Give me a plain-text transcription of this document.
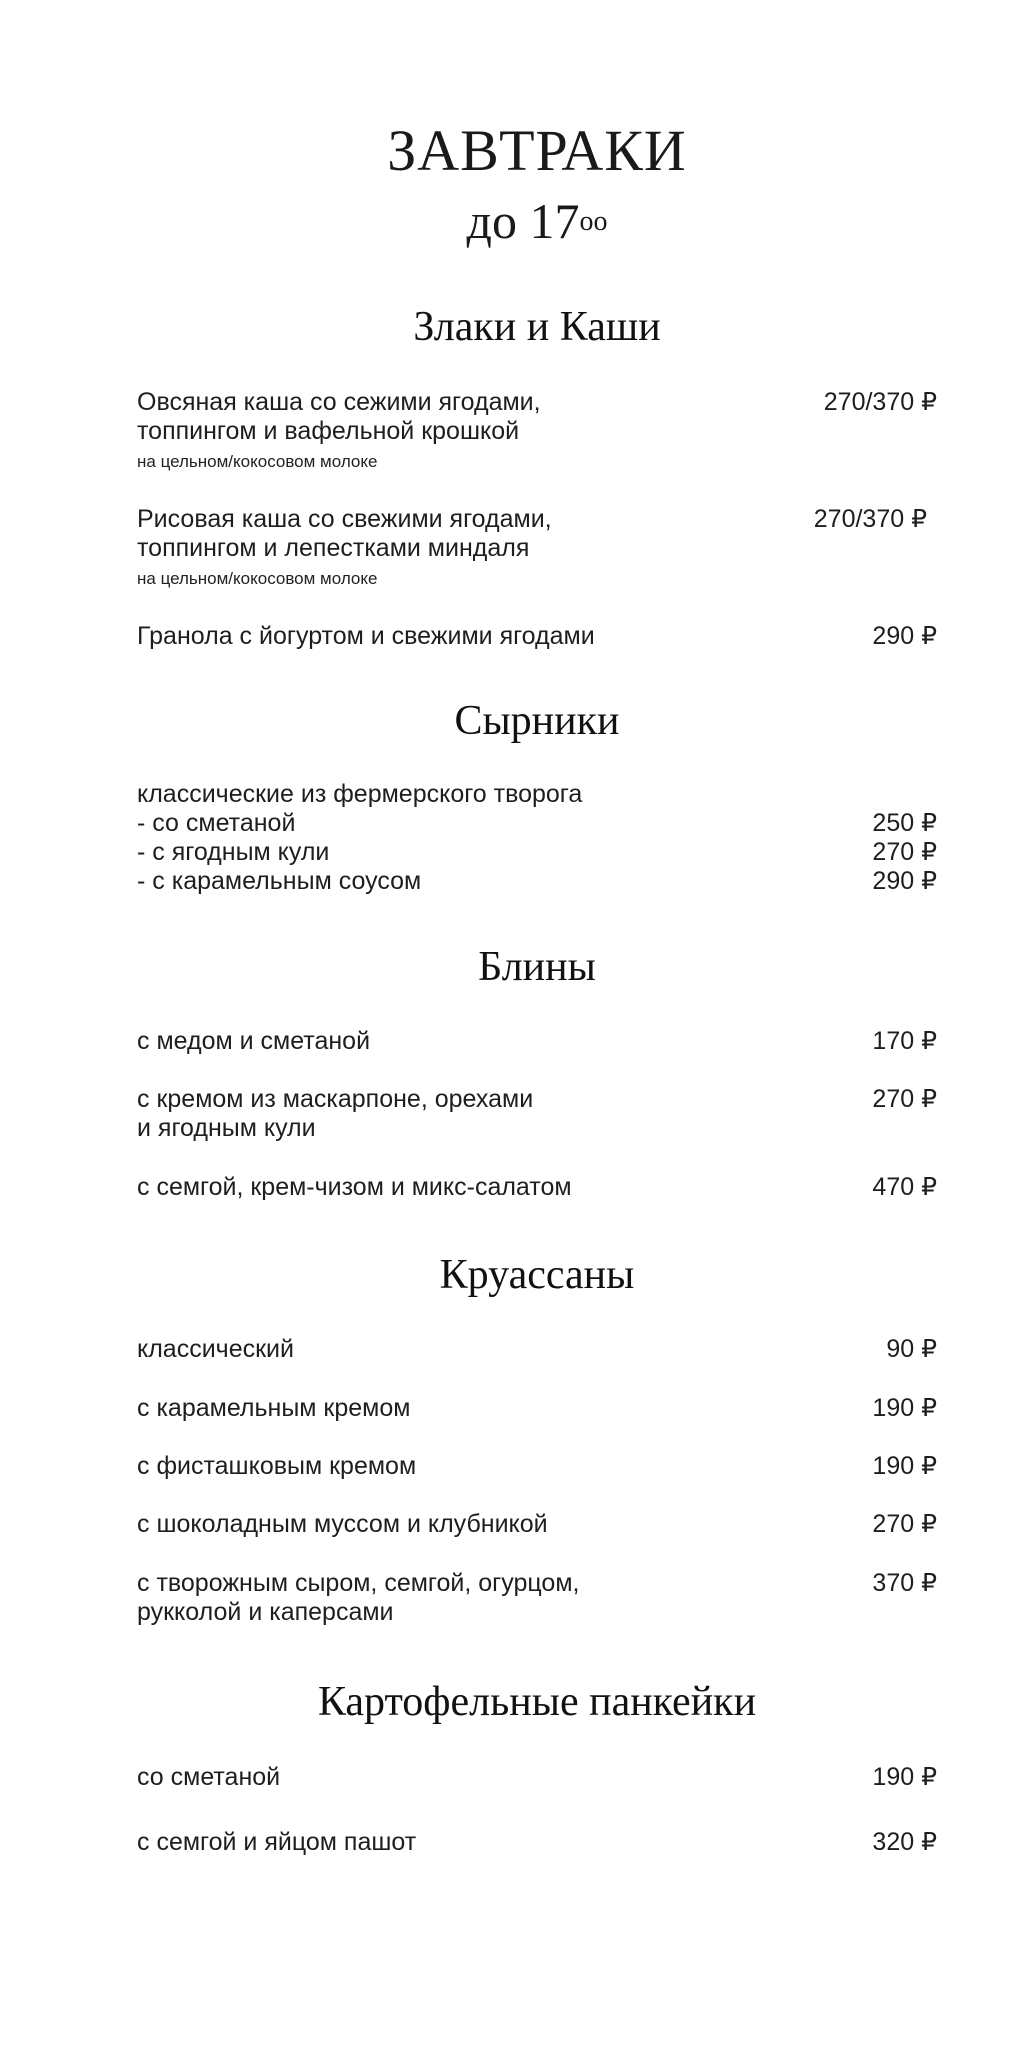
ЗАВТРАКИ
до $17^{oo}$
Злаки и Каши
Овсяная каша со сежими ягодами,
топпингом и вафельной крошкой
на цельном/кокосовом молоке
270/370 ₽
Рисовая каша со свежими ягодами,
топпингом и лепестками миндаля
на цельном/кокосовом молоке
270/370 ₽
Гранола с йогуртом и свежими ягодами	290 ₽
Сырники
классические из фермерского творога
- со сметаной	250 ₽
- с ягодным кули	270 ₽
- с карамельным соусом	290 ₽
Блины
с медом и сметаной	170 ₽
с кремом из маскарпоне, орехами
и ягодным кули
270 ₽
с семгой, крем-чизом и микс-салатом	470 ₽
Круассаны
классический	90 ₽
с карамельным кремом	190 ₽
с фисташковым кремом	190 ₽
с шоколадным муссом и клубникой	270 ₽
с творожным сыром, семгой, огурцом,
рукколой и каперсами
370 ₽
Картофельные панкейки
со сметаной	190 ₽
с семгой и яйцом пашот	320 ₽
